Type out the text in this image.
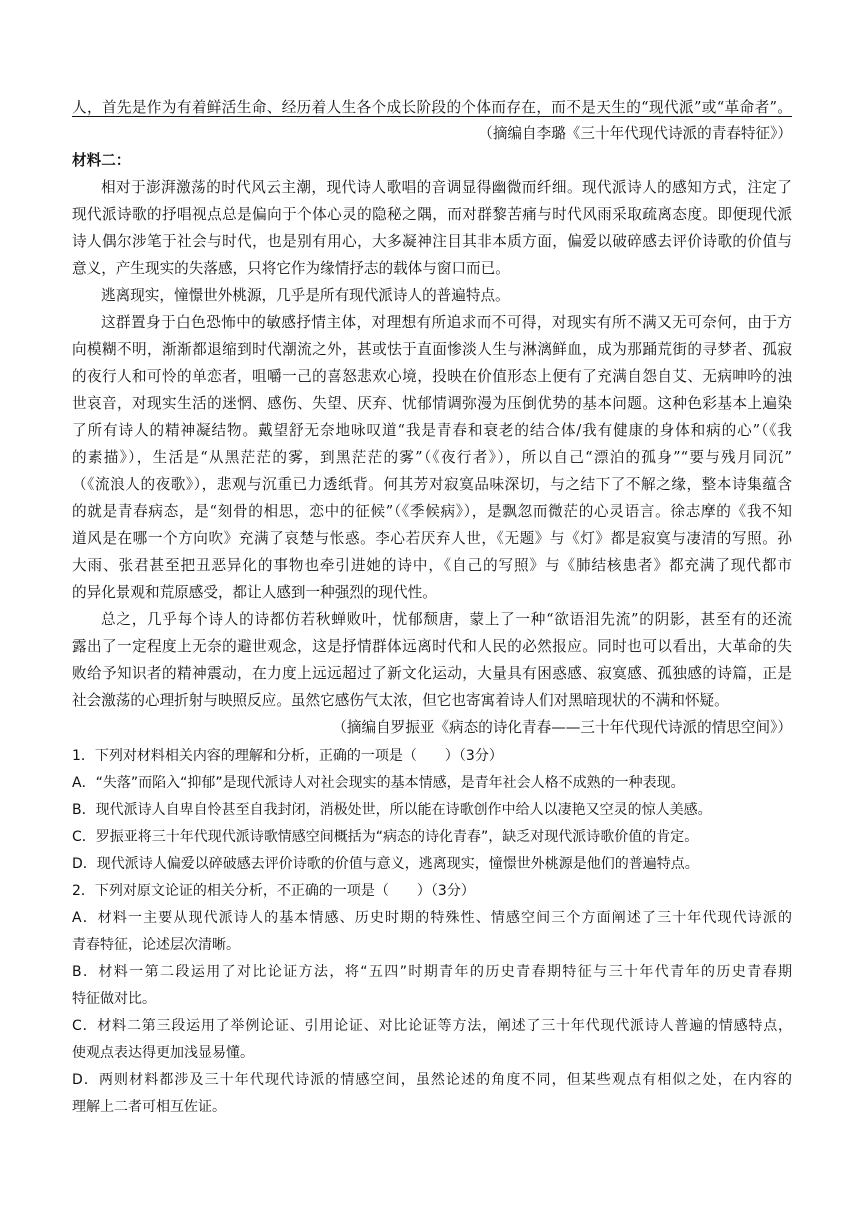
人，首先是作为有着鲜活生命、经历着人生各个成长阶段的个体而存在，而不是天生的“现代派”或“革命者”。
（摘编自李璐《三十年代现代诗派的青春特征》）
材料二：
相对于澎湃激荡的时代风云主潮，现代诗人歌唱的音调显得幽微而纤细。现代派诗人的感知方式，注定了
现代派诗歌的抒唱视点总是偏向于个体心灵的隐秘之隅，而对群黎苦痛与时代风雨采取疏离态度。即便现代派
诗人偶尔涉笔于社会与时代，也是别有用心，大多凝神注目其非本质方面，偏爱以破碎感去评价诗歌的价值与
意义，产生现实的失落感，只将它作为缘情抒志的载体与窗口而已。
逃离现实，憧憬世外桃源，几乎是所有现代派诗人的普遍特点。
这群置身于白色恐怖中的敏感抒情主体，对理想有所追求而不可得，对现实有所不满又无可奈何，由于方
向模糊不明，渐渐都退缩到时代潮流之外，甚或怯于直面惨淡人生与淋漓鲜血，成为那踊荒街的寻梦者、孤寂
的夜行人和可怜的单恋者，咀嚼一己的喜怒悲欢心境，投映在价值形态上便有了充满自怨自艾、无病呻吟的浊
世哀音，对现实生活的迷惘、感伤、失望、厌弃、忧郁情调弥漫为压倒优势的基本问题。这种色彩基本上遍染
了所有诗人的精神凝结物。戴望舒无奈地咏叹道“我是青春和衰老的结合体/我有健康的身体和病的心”（《我
的素描》），生活是“从黑茫茫的雾，到黑茫茫的雾”（《夜行者》），所以自己“漂泊的孤身”“要与残月同沉”
（《流浪人的夜歌》），悲观与沉重已力透纸背。何其芳对寂寞品味深切，与之结下了不解之缘，整本诗集蕴含
的就是青春病态，是“刻骨的相思，恋中的征候”（《季候病》），是飘忽而微茫的心灵语言。徐志摩的《我不知
道风是在哪一个方向吹》充满了哀楚与怅惑。李心若厌弃人世，《无题》与《灯》都是寂寞与凄清的写照。孙
大雨、张君甚至把丑恶异化的事物也牵引进她的诗中，《自己的写照》与《肺结核患者》都充满了现代都市
的异化景观和荒原感受，都让人感到一种强烈的现代性。
总之，几乎每个诗人的诗都仿若秋蝉败叶，忧郁颓唐，蒙上了一种“欲语泪先流”的阴影，甚至有的还流
露出了一定程度上无奈的避世观念，这是抒情群体远离时代和人民的必然报应。同时也可以看出，大革命的失
败给予知识者的精神震动，在力度上远远超过了新文化运动，大量具有困惑感、寂寞感、孤独感的诗篇，正是
社会激荡的心理折射与映照反应。虽然它感伤气太浓，但它也寄寓着诗人们对黑暗现状的不满和怀疑。
（摘编自罗振亚《病态的诗化青春——三十年代现代诗派的情思空间》）
1．下列对材料相关内容的理解和分析，正确的一项是（　　）（3分）
A．“失落”而陷入“抑郁”是现代派诗人对社会现实的基本情感，是青年社会人格不成熟的一种表现。
B．现代派诗人自卑自怜甚至自我封闭，消极处世，所以能在诗歌创作中给人以凄艳又空灵的惊人美感。
C．罗振亚将三十年代现代派诗歌情感空间概括为“病态的诗化青春”，缺乏对现代派诗歌价值的肯定。
D．现代派诗人偏爱以碎破感去评价诗歌的价值与意义，逃离现实，憧憬世外桃源是他们的普遍特点。
2．下列对原文论证的相关分析，不正确的一项是（　　）（3分）
A．材料一主要从现代派诗人的基本情感、历史时期的特殊性、情感空间三个方面阐述了三十年代现代诗派的
青春特征，论述层次清晰。
B．材料一第二段运用了对比论证方法，将“五四”时期青年的历史青春期特征与三十年代青年的历史青春期
特征做对比。
C．材料二第三段运用了举例论证、引用论证、对比论证等方法，阐述了三十年代现代派诗人普遍的情感特点，
使观点表达得更加浅显易懂。
D．两则材料都涉及三十年代现代诗派的情感空间，虽然论述的角度不同，但某些观点有相似之处，在内容的
理解上二者可相互佐证。
